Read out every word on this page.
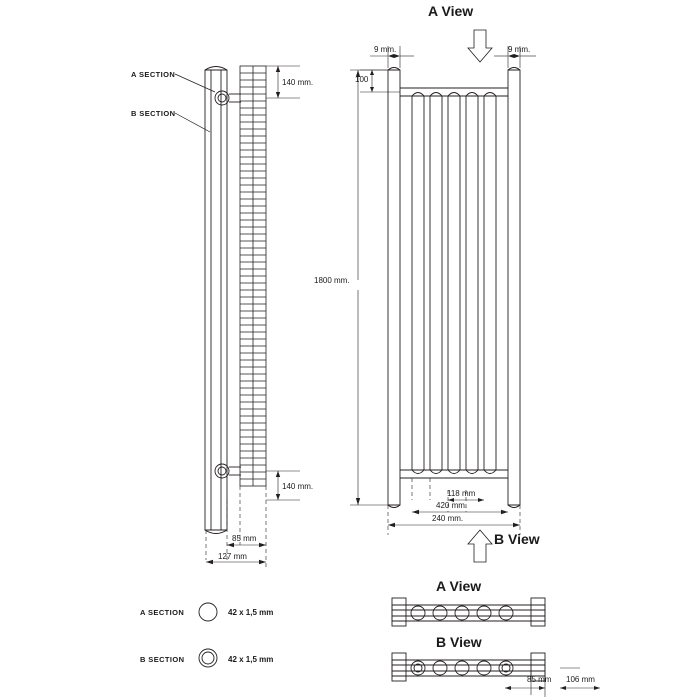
A SECTION
B SECTION
140 mm.
140 mm.
85 mm
127 mm
A View
B View
9 mm.	9 mm.
100
1800 mm.
118 mm
420 mm.
240 mm.
A SECTION	42 x 1,5 mm
B SECTION	42 x 1,5 mm
A View
B View
85 mm 106 mm
